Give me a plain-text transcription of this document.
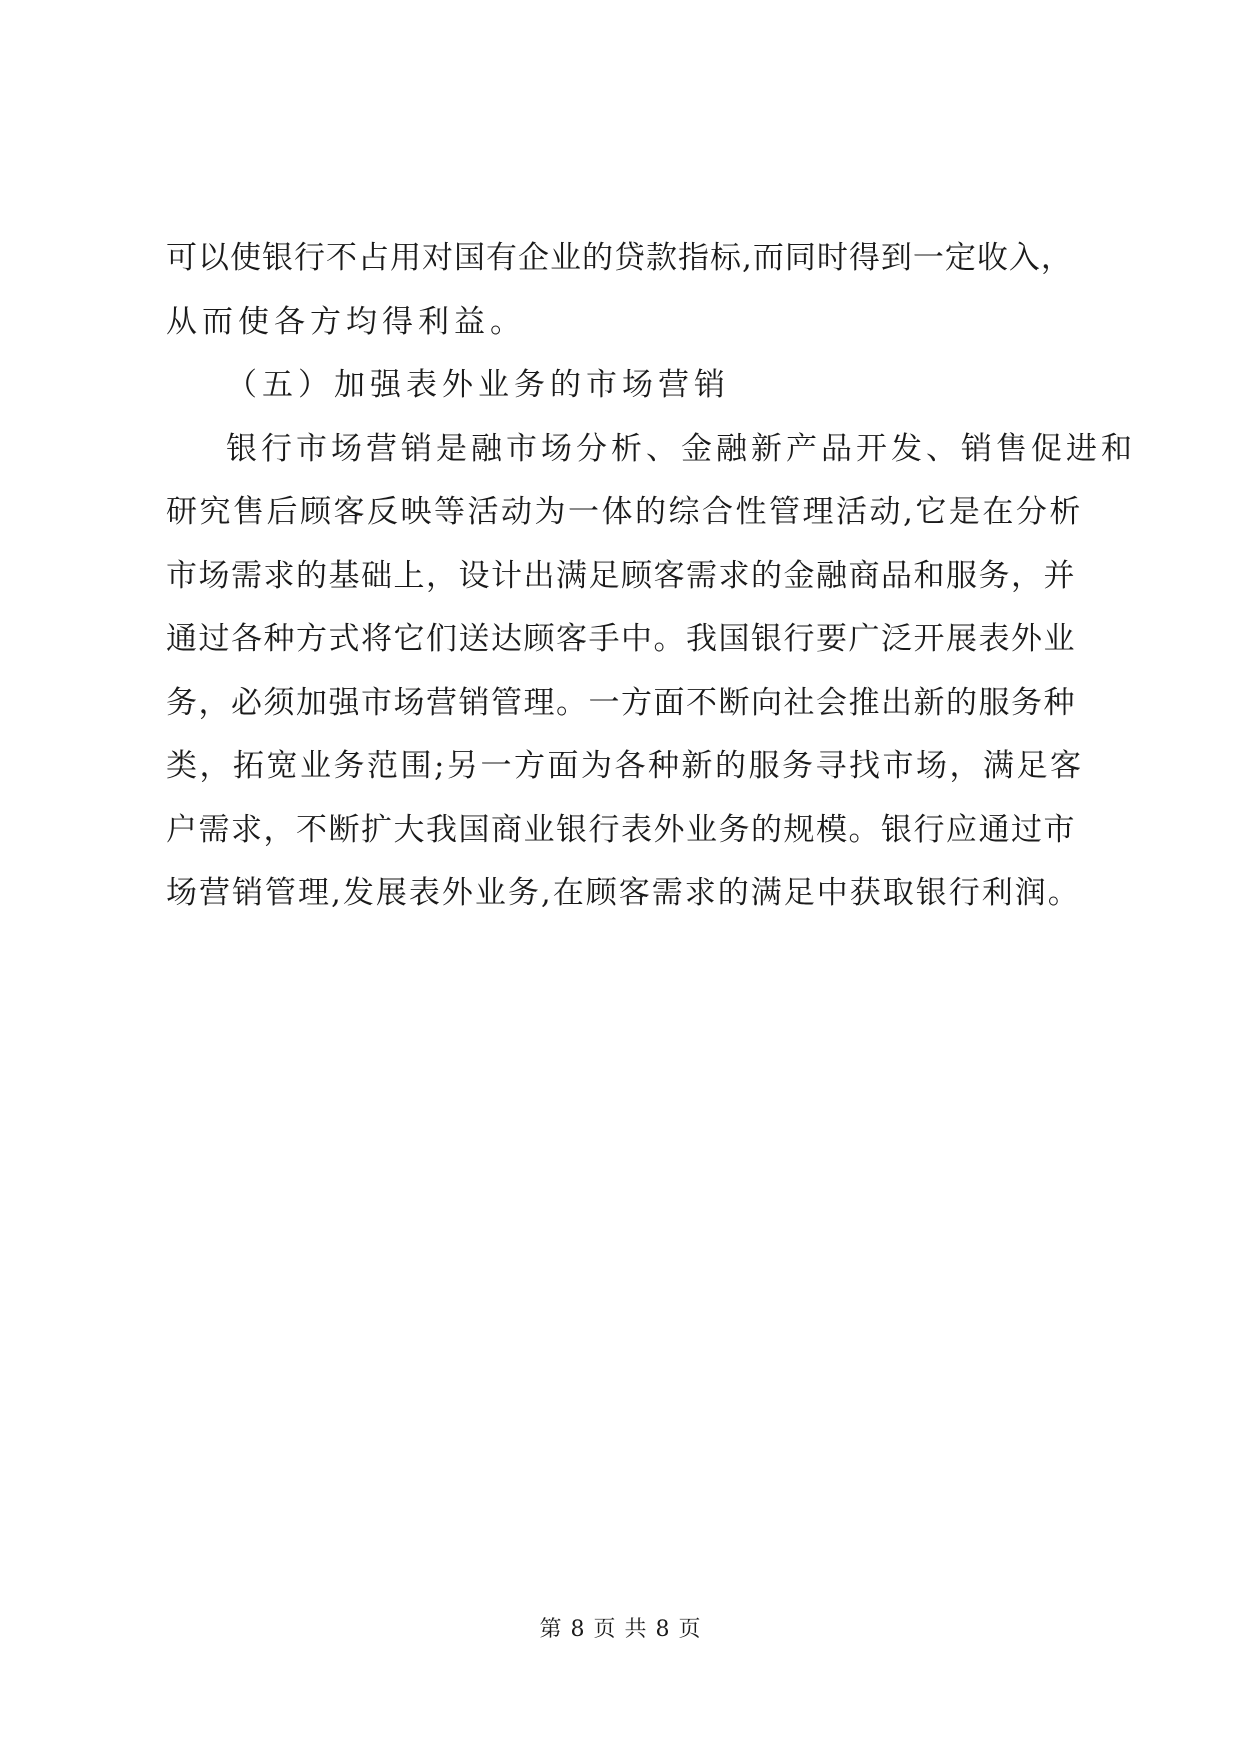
可以使银行不占用对国有企业的贷款指标,而同时得到一定收入，
从而使各方均得利益。
（五）加强表外业务的市场营销
银行市场营销是融市场分析、金融新产品开发、销售促进和
研究售后顾客反映等活动为一体的综合性管理活动,它是在分析
市场需求的基础上，设计出满足顾客需求的金融商品和服务，并
通过各种方式将它们送达顾客手中。我国银行要广泛开展表外业
务，必须加强市场营销管理。一方面不断向社会推出新的服务种
类，拓宽业务范围;另一方面为各种新的服务寻找市场，满足客
户需求，不断扩大我国商业银行表外业务的规模。银行应通过市
场营销管理,发展表外业务,在顾客需求的满足中获取银行利润。
第 8 页 共 8 页
